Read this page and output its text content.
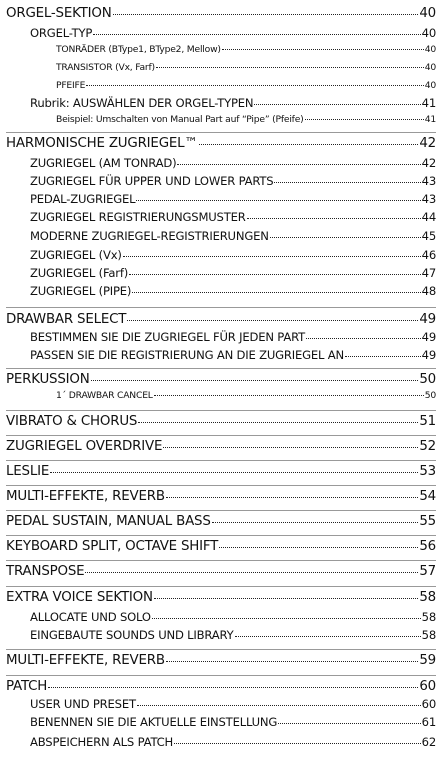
ORGEL-SEKTION	40
ORGEL-TYP	40
TONRÄDER (BType1, BType2, Mellow)	40
TRANSISTOR (Vx, Farf)	40
PFEIFE	40
Rubrik: AUSWÄHLEN DER ORGEL-TYPEN	41
Beispiel: Umschalten von Manual Part auf “Pipe” (Pfeife)	41
HARMONISCHE ZUGRIEGEL™	42
ZUGRIEGEL (AM TONRAD)	42
ZUGRIEGEL FÜR UPPER UND LOWER PARTS	43
PEDAL-ZUGRIEGEL	43
ZUGRIEGEL REGISTRIERUNGSMUSTER	44
MODERNE ZUGRIEGEL-REGISTRIERUNGEN	45
ZUGRIEGEL (Vx)	46
ZUGRIEGEL (Farf)	47
ZUGRIEGEL (PIPE)	48
DRAWBAR SELECT	49
BESTIMMEN SIE DIE ZUGRIEGEL FÜR JEDEN PART	49
PASSEN SIE DIE REGISTRIERUNG AN DIE ZUGRIEGEL AN	49
PERKUSSION	50
1´ DRAWBAR CANCEL	50
VIBRATO & CHORUS	51
ZUGRIEGEL OVERDRIVE	52
LESLIE	53
MULTI-EFFEKTE, REVERB	54
PEDAL SUSTAIN, MANUAL BASS	55
KEYBOARD SPLIT, OCTAVE SHIFT	56
TRANSPOSE	57
EXTRA VOICE SEKTION	58
ALLOCATE UND SOLO	58
EINGEBAUTE SOUNDS UND LIBRARY	58
MULTI-EFFEKTE, REVERB	59
PATCH	60
USER UND PRESET	60
BENENNEN SIE DIE AKTUELLE EINSTELLUNG	61
ABSPEICHERN ALS PATCH	62
